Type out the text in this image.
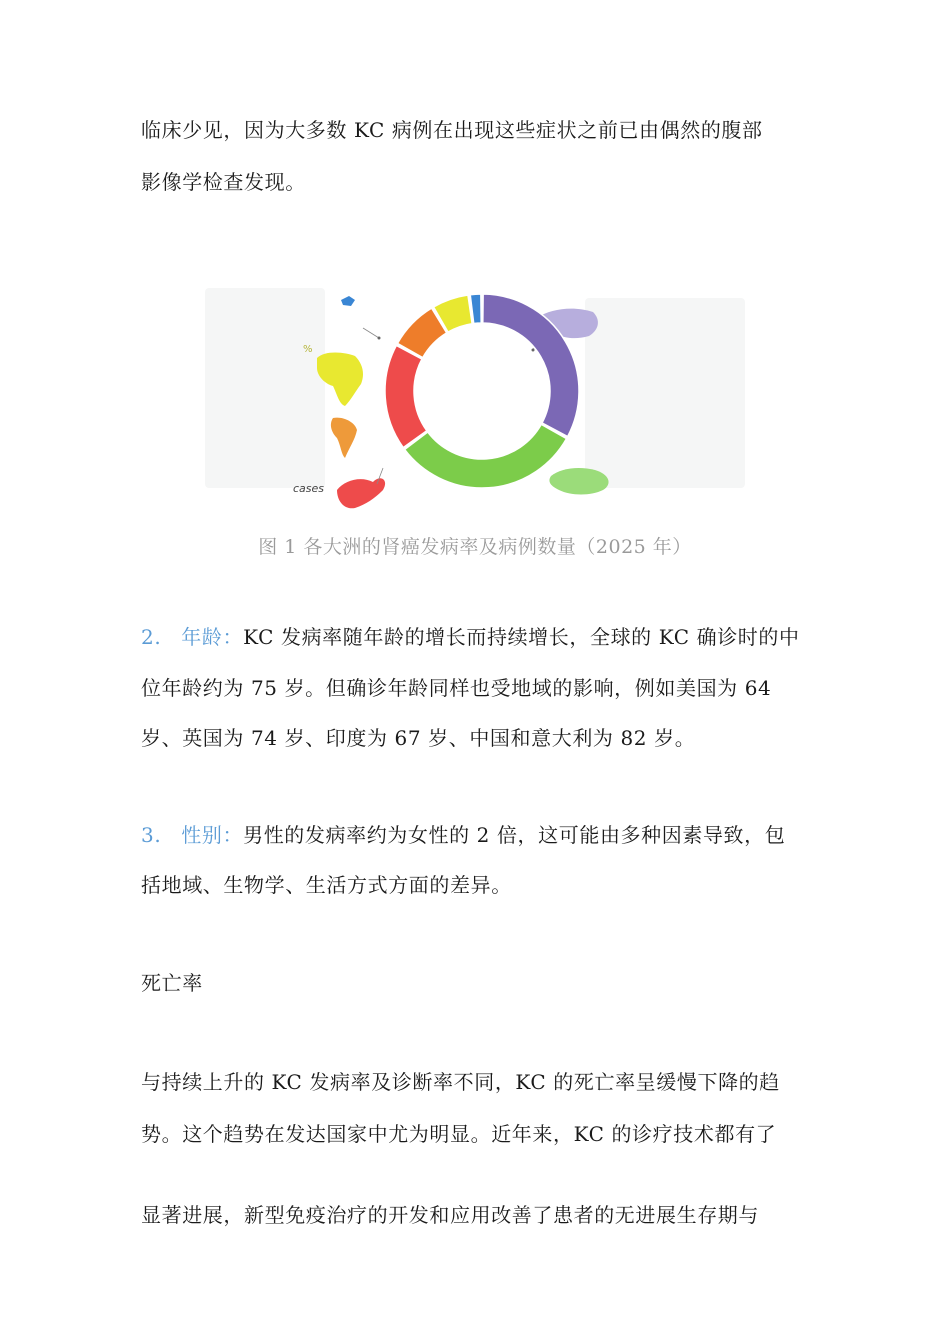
临床少见，因为大多数 KC 病例在出现这些症状之前已由偶然的腹部
影像学检查发现。
%
cases
图 1 各大洲的肾癌发病率及病例数量（2025 年）
2. 年龄：KC 发病率随年龄的增长而持续增长，全球的 KC 确诊时的中
位年龄约为 75 岁。但确诊年龄同样也受地域的影响，例如美国为 64
岁、英国为 74 岁、印度为 67 岁、中国和意大利为 82 岁。
3. 性别：男性的发病率约为女性的 2 倍，这可能由多种因素导致，包
括地域、生物学、生活方式方面的差异。
死亡率
与持续上升的 KC 发病率及诊断率不同，KC 的死亡率呈缓慢下降的趋
势。这个趋势在发达国家中尤为明显。近年来，KC 的诊疗技术都有了
显著进展，新型免疫治疗的开发和应用改善了患者的无进展生存期与
